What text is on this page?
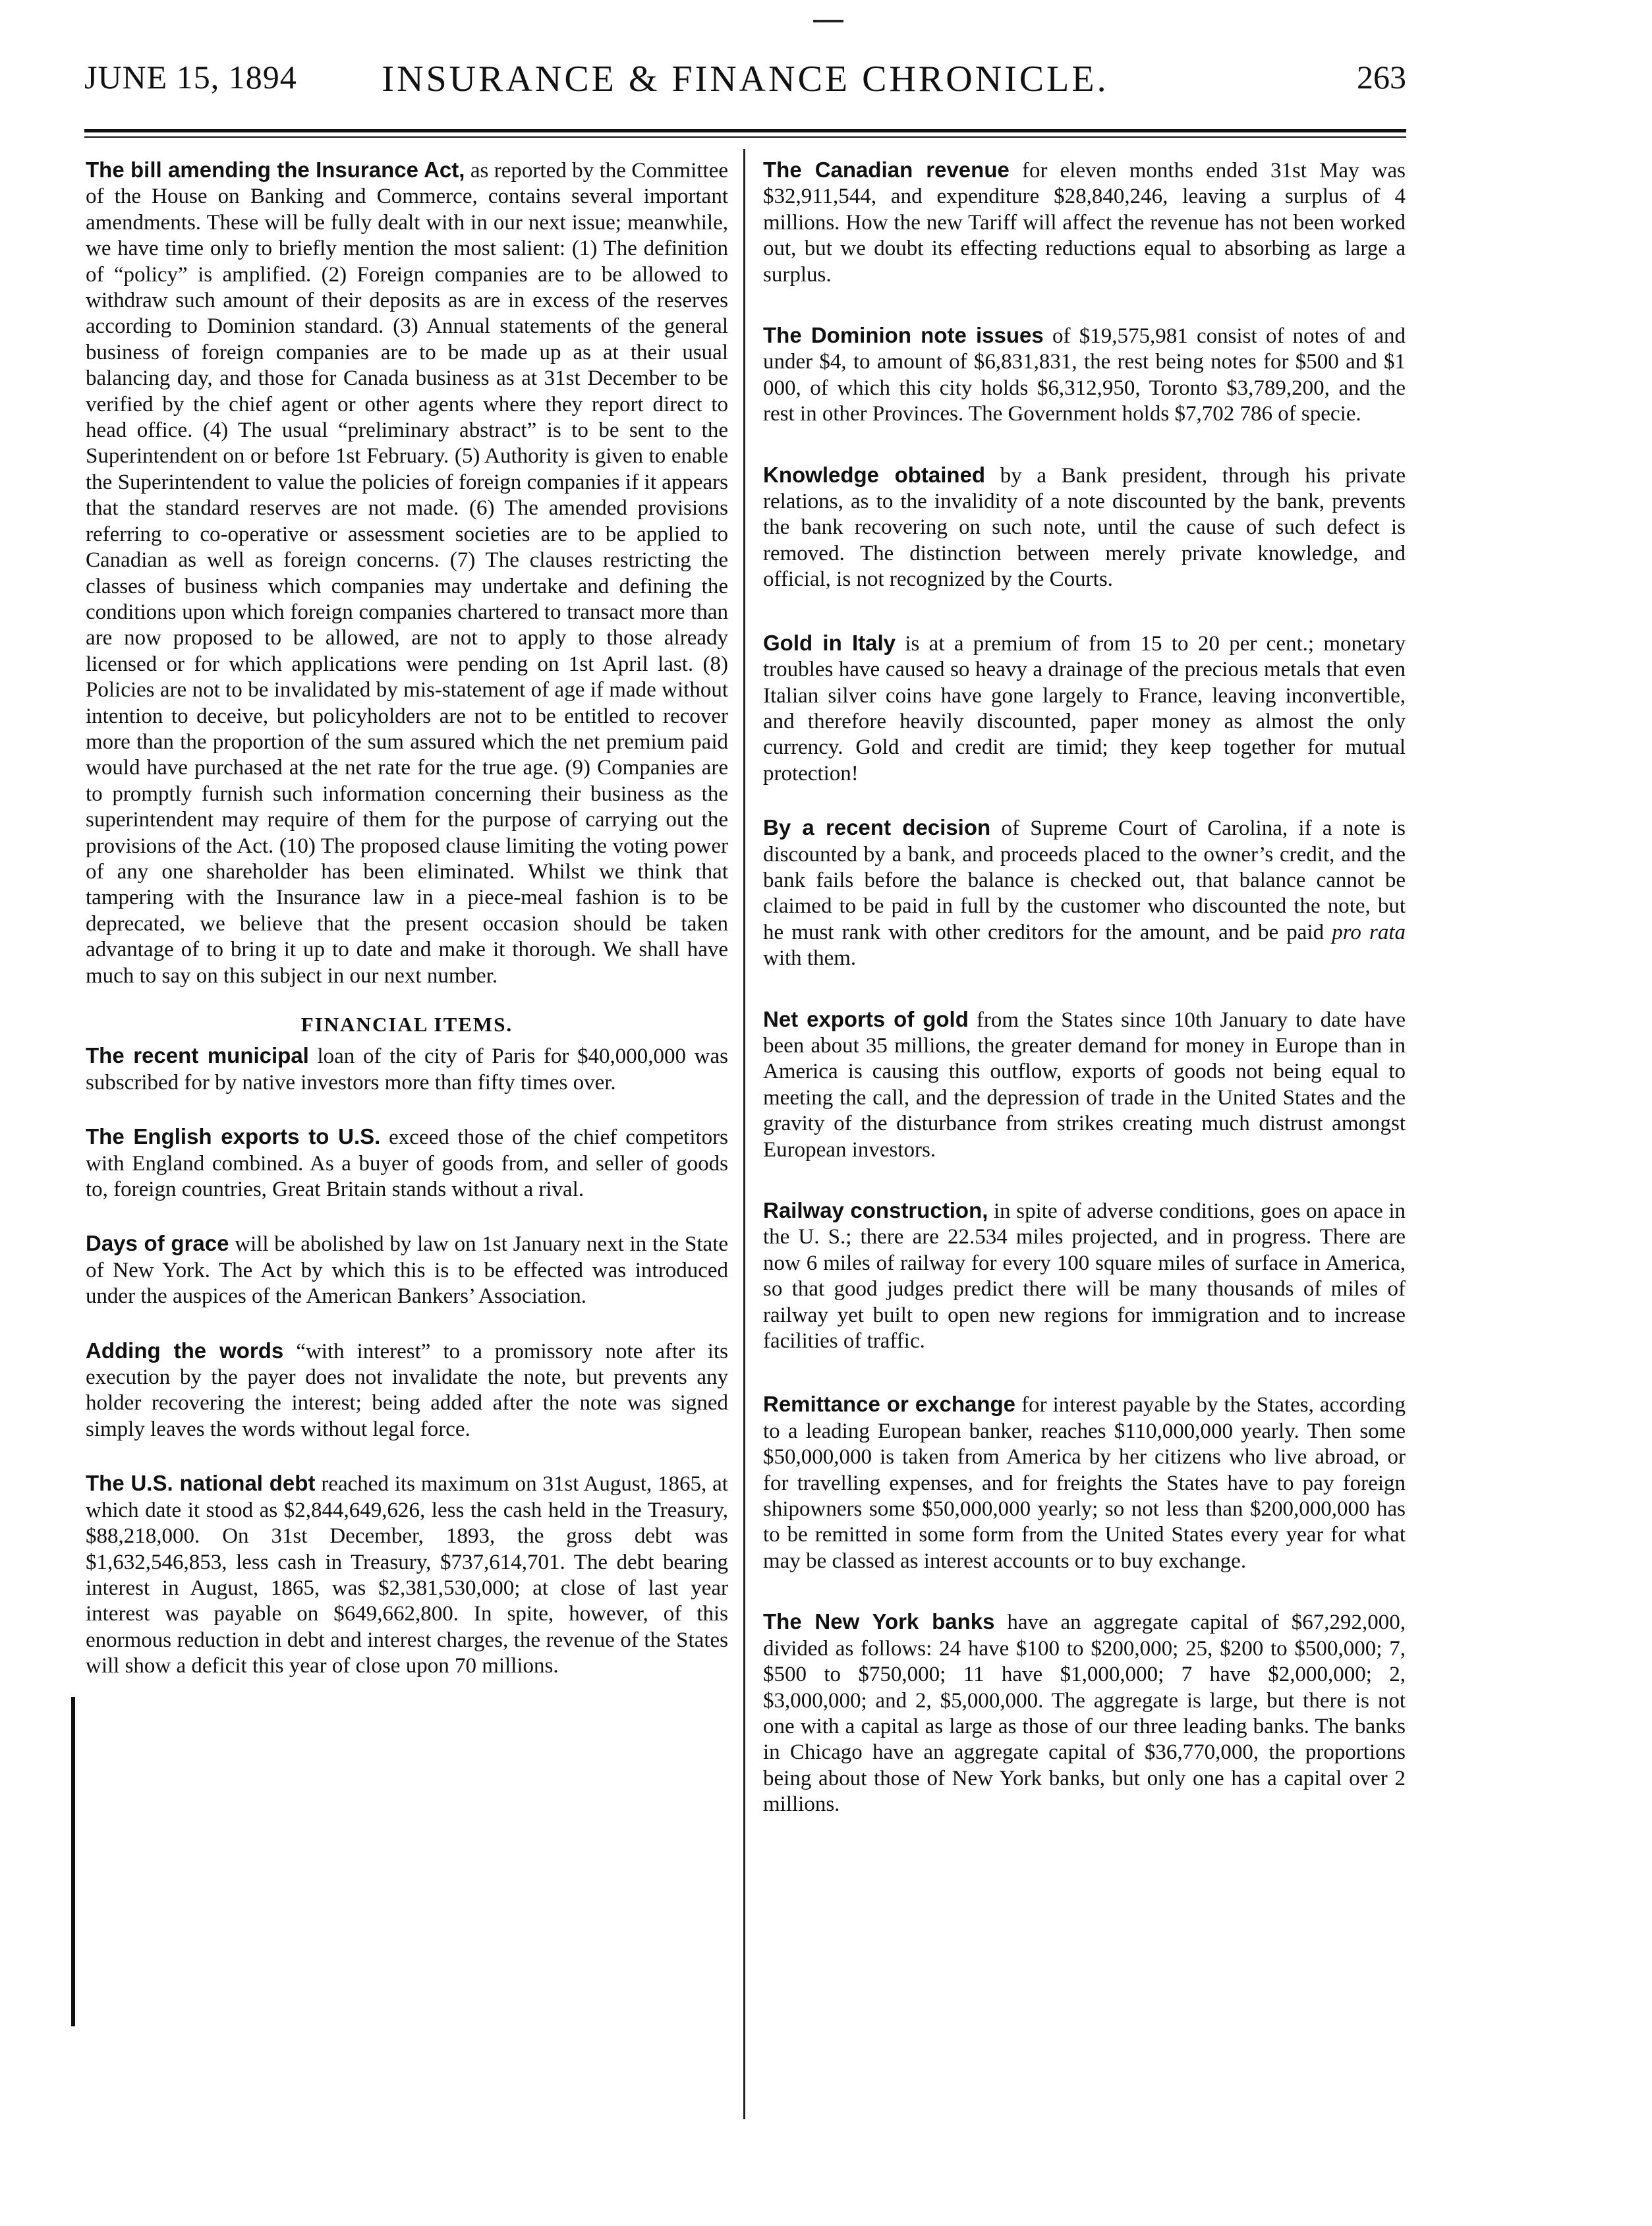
JUNE 15, 1894	INSURANCE & FINANCE CHRONICLE.	263

The bill amending the Insurance Act, as reported by the Committee of the House on Banking and Commerce, contains several important amendments. These will be fully dealt with in our next issue; meanwhile, we have time only to briefly mention the most salient: (1) The definition of “policy” is amplified. (2) Foreign companies are to be allowed to withdraw such amount of their deposits as are in excess of the reserves according to Dominion standard. (3) Annual statements of the general business of foreign companies are to be made up as at their usual balancing day, and those for Canada business as at 31st December to be verified by the chief agent or other agents where they report direct to head office. (4) The usual “preliminary abstract” is to be sent to the Superintendent on or before 1st February. (5) Authority is given to enable the Superintendent to value the policies of foreign companies if it appears that the standard reserves are not made. (6) The amended provisions referring to co-operative or assessment societies are to be applied to Canadian as well as foreign concerns. (7) The clauses restricting the classes of business which companies may undertake and defining the conditions upon which foreign companies chartered to transact more than are now proposed to be allowed, are not to apply to those already licensed or for which applications were pending on 1st April last. (8) Policies are not to be invalidated by mis-statement of age if made without intention to deceive, but policyholders are not to be entitled to recover more than the proportion of the sum assured which the net premium paid would have purchased at the net rate for the true age. (9) Companies are to promptly furnish such information concerning their business as the superintendent may require of them for the purpose of carrying out the provisions of the Act. (10) The proposed clause limiting the voting power of any one shareholder has been eliminated. Whilst we think that tampering with the Insurance law in a piece-meal fashion is to be deprecated, we believe that the present occasion should be taken advantage of to bring it up to date and make it thorough. We shall have much to say on this subject in our next number.

FINANCIAL ITEMS.

The recent municipal loan of the city of Paris for $40,000,000 was subscribed for by native investors more than fifty times over.

The English exports to U.S. exceed those of the chief competitors with England combined. As a buyer of goods from, and seller of goods to, foreign countries, Great Britain stands without a rival.

Days of grace will be abolished by law on 1st January next in the State of New York. The Act by which this is to be effected was introduced under the auspices of the American Bankers’ Association.

Adding the words “with interest” to a promissory note after its execution by the payer does not invalidate the note, but prevents any holder recovering the interest; being added after the note was signed simply leaves the words without legal force.

The U.S. national debt reached its maximum on 31st August, 1865, at which date it stood as $2,844,649,626, less the cash held in the Treasury, $88,218,000. On 31st December, 1893, the gross debt was $1,632,546,853, less cash in Treasury, $737,614,701. The debt bearing interest in August, 1865, was $2,381,530,000; at close of last year interest was payable on $649,662,800. In spite, however, of this enormous reduction in debt and interest charges, the revenue of the States will show a deficit this year of close upon 70 millions.

The Canadian revenue for eleven months ended 31st May was $32,911,544, and expenditure $28,840,246, leaving a surplus of 4 millions. How the new Tariff will affect the revenue has not been worked out, but we doubt its effecting reductions equal to absorbing as large a surplus.

The Dominion note issues of $19,575,981 consist of notes of and under $4, to amount of $6,831,831, the rest being notes for $500 and $1 000, of which this city holds $6,312,950, Toronto $3,789,200, and the rest in other Provinces. The Government holds $7,702 786 of specie.

Knowledge obtained by a Bank president, through his private relations, as to the invalidity of a note discounted by the bank, prevents the bank recovering on such note, until the cause of such defect is removed. The distinction between merely private knowledge, and official, is not recognized by the Courts.

Gold in Italy is at a premium of from 15 to 20 per cent.; monetary troubles have caused so heavy a drainage of the precious metals that even Italian silver coins have gone largely to France, leaving inconvertible, and therefore heavily discounted, paper money as almost the only currency. Gold and credit are timid; they keep together for mutual protection!

By a recent decision of Supreme Court of Carolina, if a note is discounted by a bank, and proceeds placed to the owner’s credit, and the bank fails before the balance is checked out, that balance cannot be claimed to be paid in full by the customer who discounted the note, but he must rank with other creditors for the amount, and be paid pro rata with them.

Net exports of gold from the States since 10th January to date have been about 35 millions, the greater demand for money in Europe than in America is causing this outflow, exports of goods not being equal to meeting the call, and the depression of trade in the United States and the gravity of the disturbance from strikes creating much distrust amongst European investors.

Railway construction, in spite of adverse conditions, goes on apace in the U. S.; there are 22.534 miles projected, and in progress. There are now 6 miles of railway for every 100 square miles of surface in America, so that good judges predict there will be many thousands of miles of railway yet built to open new regions for immigration and to increase facilities of traffic.

Remittance or exchange for interest payable by the States, according to a leading European banker, reaches $110,000,000 yearly. Then some $50,000,000 is taken from America by her citizens who live abroad, or for travelling expenses, and for freights the States have to pay foreign shipowners some $50,000,000 yearly; so not less than $200,000,000 has to be remitted in some form from the United States every year for what may be classed as interest accounts or to buy exchange.

The New York banks have an aggregate capital of $67,292,000, divided as follows: 24 have $100 to $200,000; 25, $200 to $500,000; 7, $500 to $750,000; 11 have $1,000,000; 7 have $2,000,000; 2, $3,000,000; and 2, $5,000,000. The aggregate is large, but there is not one with a capital as large as those of our three leading banks. The banks in Chicago have an aggregate capital of $36,770,000, the proportions being about those of New York banks, but only one has a capital over 2 millions.
